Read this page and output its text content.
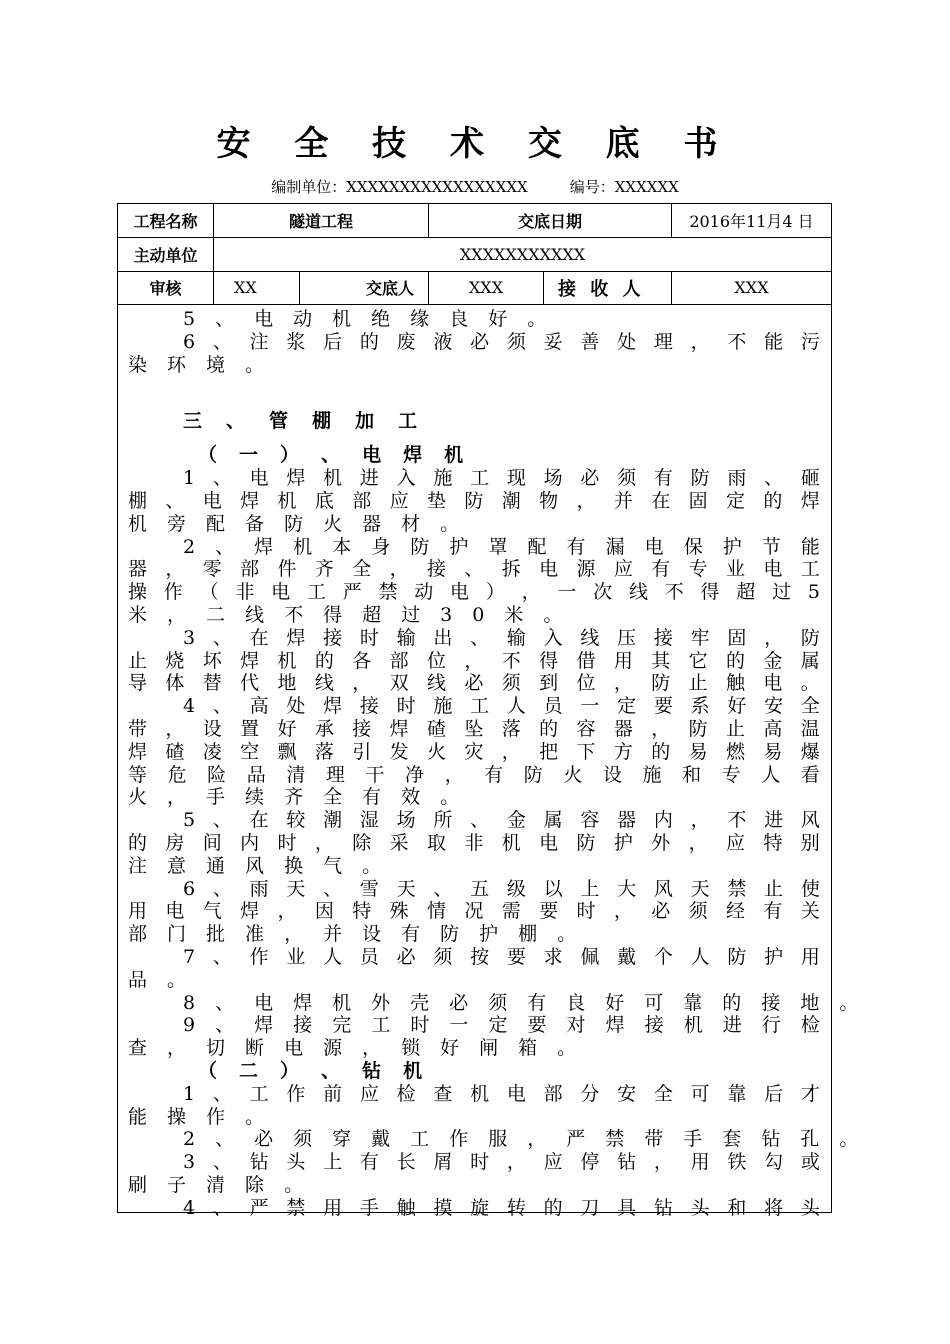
安 全 技 术 交 底 书
编制单位：XXXXXXXXXXXXXXXXX	编号：XXXXXX
工程名称	隧道工程	交底日期	2016年11月4 日
主动单位	XXXXXXXXXXX
审核	XX	交底人	XXX	接 收 人	XXX
5 、 电 动 机 绝 缘 良 好 。
6 、 注 浆 后 的 废 液 必 须 妥 善 处 理 ， 不 能 污
染 环 境 。
三 、 管 棚 加 工
（ 一 ） 、 电 焊 机
1 、 电 焊 机 进 入 施 工 现 场 必 须 有 防 雨 、 砸
棚 、 电 焊 机 底 部 应 垫 防 潮 物 ， 并 在 固 定 的 焊
机 旁 配 备 防 火 器 材 。
2 、 焊 机 本 身 防 护 罩 配 有 漏 电 保 护 节 能
器 ， 零 部 件 齐 全 ， 接 、 拆 电 源 应 有 专 业 电 工
操 作 （ 非 电 工 严 禁 动 电 ） ， 一 次 线 不 得 超 过 5
米 ， 二 线 不 得 超 过 3 0 米 。
3 、 在 焊 接 时 输 出 、 输 入 线 压 接 牢 固 ， 防
止 烧 坏 焊 机 的 各 部 位 ， 不 得 借 用 其 它 的 金 属
导 体 替 代 地 线 ， 双 线 必 须 到 位 ， 防 止 触 电 。
4 、 高 处 焊 接 时 施 工 人 员 一 定 要 系 好 安 全
带 ， 设 置 好 承 接 焊 碴 坠 落 的 容 器 ， 防 止 高 温
焊 碴 凌 空 飘 落 引 发 火 灾 ， 把 下 方 的 易 燃 易 爆
等 危 险 品 清 理 干 净 ， 有 防 火 设 施 和 专 人 看
火 ， 手 续 齐 全 有 效 。
5 、 在 较 潮 湿 场 所 、 金 属 容 器 内 ， 不 进 风
的 房 间 内 时 ， 除 采 取 非 机 电 防 护 外 ， 应 特 别
注 意 通 风 换 气 。
6 、 雨 天 、 雪 天 、 五 级 以 上 大 风 天 禁 止 使
用 电 气 焊 ， 因 特 殊 情 况 需 要 时 ， 必 须 经 有 关
部 门 批 准 ， 并 设 有 防 护 棚 。
7 、 作 业 人 员 必 须 按 要 求 佩 戴 个 人 防 护 用
品 。
8 、 电 焊 机 外 壳 必 须 有 良 好 可 靠 的 接 地 。
9 、 焊 接 完 工 时 一 定 要 对 焊 接 机 进 行 检
查 ， 切 断 电 源 ， 锁 好 闸 箱 。
（ 二 ） 、 钻 机
1 、 工 作 前 应 检 查 机 电 部 分 安 全 可 靠 后 才
能 操 作 。
2 、 必 须 穿 戴 工 作 服 ， 严 禁 带 手 套 钻 孔 。
3 、 钻 头 上 有 长 屑 时 ， 应 停 钻 ， 用 铁 勾 或
刷 子 清 除 。
4 、 严 禁 用 手 触 摸 旋 转 的 刀 具 钻 头 和 将 头
